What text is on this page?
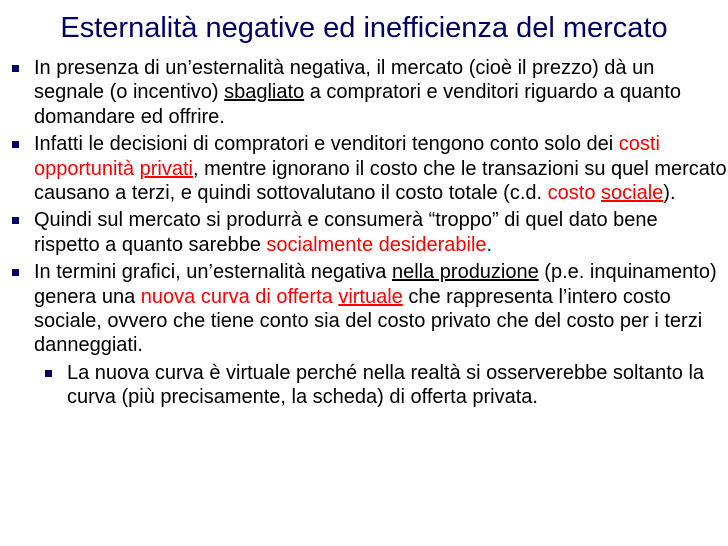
Esternalità negative ed inefficienza del mercato
In presenza di un’esternalità negativa, il mercato (cioè il prezzo) dà un segnale (o incentivo) sbagliato a compratori e venditori riguardo a quanto domandare ed offrire.
Infatti le decisioni di compratori e venditori tengono conto solo dei costi opportunità privati, mentre ignorano il costo che le transazioni su quel mercato causano a terzi, e quindi sottovalutano il costo totale (c.d. costo sociale).
Quindi sul mercato si produrrà e consumerà “troppo” di quel dato bene rispetto a quanto sarebbe socialmente desiderabile.
In termini grafici, un’esternalità negativa nella produzione (p.e. inquinamento) genera una nuova curva di offerta virtuale che rappresenta l’intero costo sociale, ovvero che tiene conto sia del costo privato che del costo per i terzi danneggiati.
La nuova curva è virtuale perché nella realtà si osserverebbe soltanto la curva (più precisamente, la scheda) di offerta privata.
